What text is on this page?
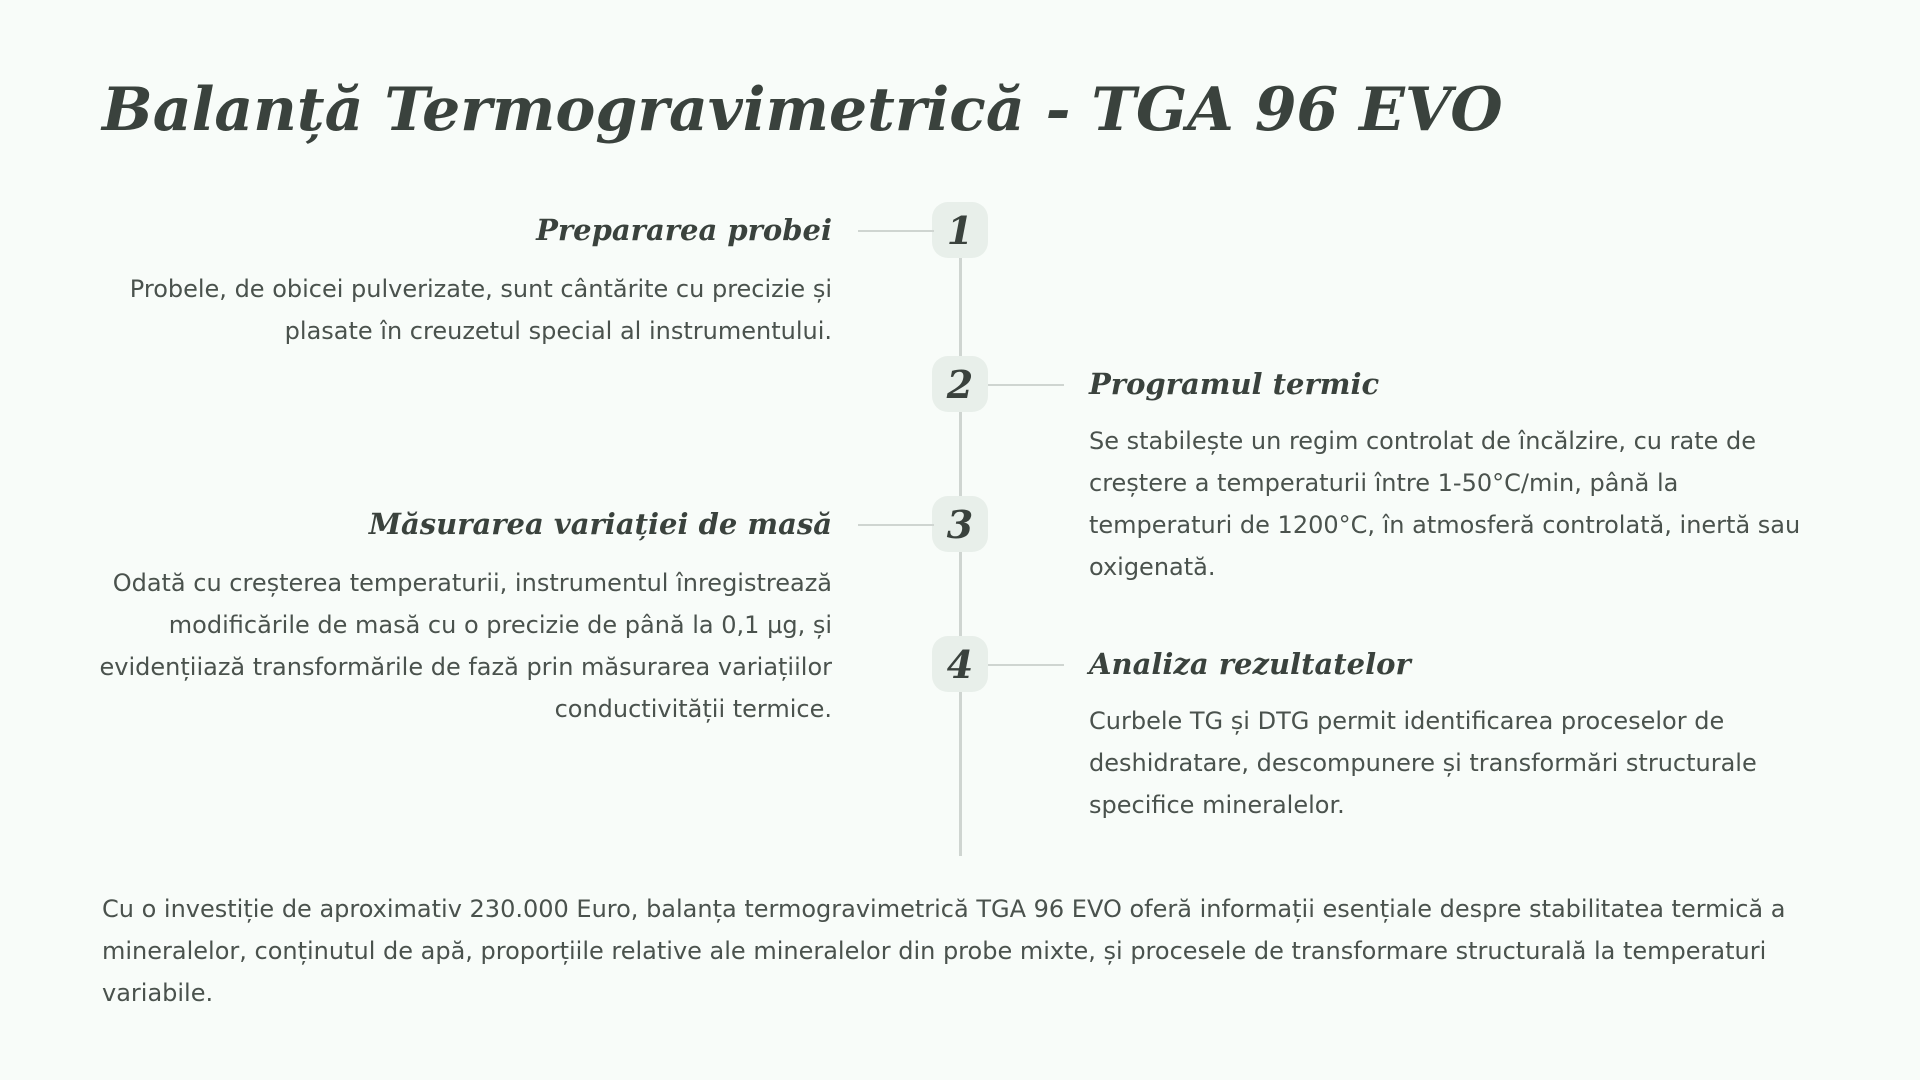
Balanță Termogravimetrică - TGA 96 EVO
1
Prepararea probei

Probele, de obicei pulverizate, sunt cântărite cu precizie și plasate în creuzetul special al instrumentului.

2	Programul termic

Se stabilește un regim controlat de încălzire, cu rate de creștere a temperaturii între 1-50°C/min, până la temperaturi de 1200°C, în atmosferă controlată, inertă sau oxigenată.

3
Măsurarea variației de masă

Odată cu creșterea temperaturii, instrumentul înregistrează modificările de masă cu o precizie de până la 0,1 µg, și evidențiiază transformările de fază prin măsurarea variațiilor conductivității termice.

4	Analiza rezultatelor

Curbele TG și DTG permit identificarea proceselor de deshidratare, descompunere și transformări structurale specifice mineralelor.

Cu o investiție de aproximativ 230.000 Euro, balanța termogravimetrică TGA 96 EVO oferă informații esențiale despre stabilitatea termică a mineralelor, conținutul de apă, proporțiile relative ale mineralelor din probe mixte, și procesele de transformare structurală la temperaturi variabile.
